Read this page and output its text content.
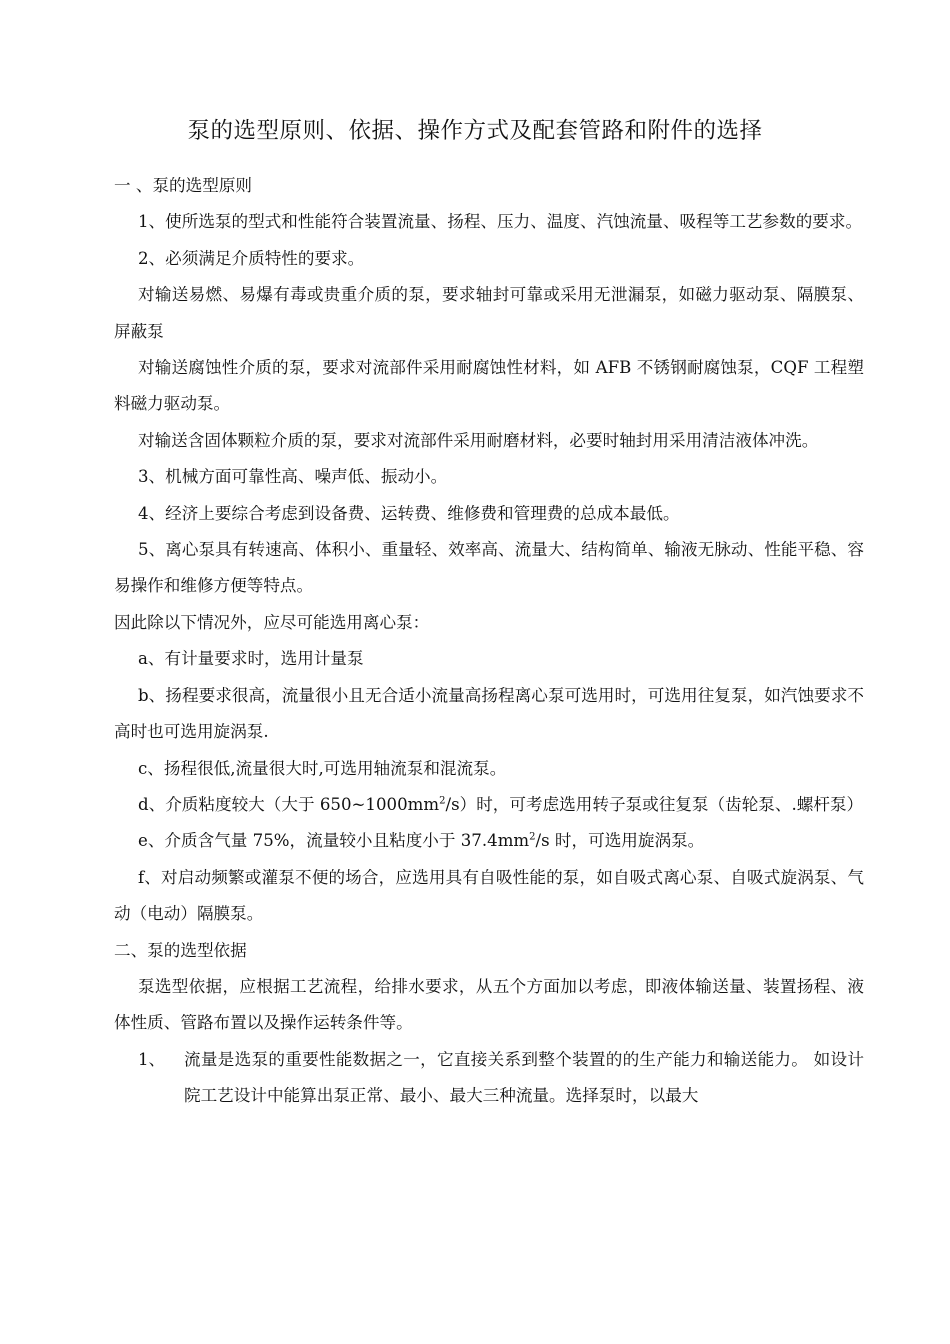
泵的选型原则、依据、操作方式及配套管路和附件的选择

一 、泵的选型原则

1、使所选泵的型式和性能符合装置流量、扬程、压力、温度、汽蚀流量、吸程等工艺参数的要求。

2、必须满足介质特性的要求。

对输送易燃、易爆有毒或贵重介质的泵，要求轴封可靠或采用无泄漏泵，如磁力驱动泵、隔膜泵、屏蔽泵

对输送腐蚀性介质的泵，要求对流部件采用耐腐蚀性材料，如 AFB 不锈钢耐腐蚀泵，CQF 工程塑料磁力驱动泵。

对输送含固体颗粒介质的泵，要求对流部件采用耐磨材料，必要时轴封用采用清洁液体冲洗。

3、机械方面可靠性高、噪声低、振动小。

4、经济上要综合考虑到设备费、运转费、维修费和管理费的总成本最低。

5、离心泵具有转速高、体积小、重量轻、效率高、流量大、结构简单、输液无脉动、性能平稳、容易操作和维修方便等特点。

因此除以下情况外，应尽可能选用离心泵：

a、有计量要求时，选用计量泵

b、扬程要求很高，流量很小且无合适小流量高扬程离心泵可选用时，可选用往复泵，如汽蚀要求不高时也可选用旋涡泵.

c、扬程很低,流量很大时,可选用轴流泵和混流泵。

d、介质粘度较大（大于 $650\sim 1000mm^2/s$）时，可考虑选用转子泵或往复泵（齿轮泵、.螺杆泵）

e、介质含气量 75%，流量较小且粘度小于 $37.4mm^2/s$ 时，可选用旋涡泵。

f、对启动频繁或灌泵不便的场合，应选用具有自吸性能的泵，如自吸式离心泵、自吸式旋涡泵、气动（电动）隔膜泵。

二、泵的选型依据

泵选型依据，应根据工艺流程，给排水要求，从五个方面加以考虑，即液体输送量、装置扬程、液体性质、管路布置以及操作运转条件等。

1、	流量是选泵的重要性能数据之一，它直接关系到整个装置的的生产能力和输送能力。 如设计院工艺设计中能算出泵正常、最小、最大三种流量。选择泵时，以最大
